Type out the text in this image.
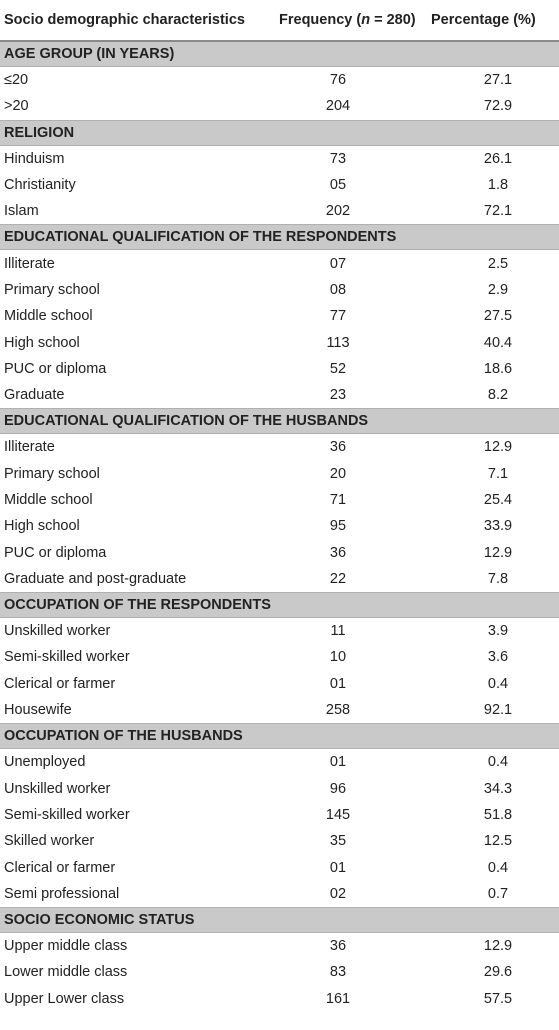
Socio demographic characteristics	Frequency (n = 280)	Percentage (%)
AGE GROUP (IN YEARS)		
≤20	76	27.1
>20	204	72.9
RELIGION		
Hinduism	73	26.1
Christianity	05	1.8
Islam	202	72.1
EDUCATIONAL QUALIFICATION OF THE RESPONDENTS		
Illiterate	07	2.5
Primary school	08	2.9
Middle school	77	27.5
High school	113	40.4
PUC or diploma	52	18.6
Graduate	23	8.2
EDUCATIONAL QUALIFICATION OF THE HUSBANDS		
Illiterate	36	12.9
Primary school	20	7.1
Middle school	71	25.4
High school	95	33.9
PUC or diploma	36	12.9
Graduate and post-graduate	22	7.8
OCCUPATION OF THE RESPONDENTS		
Unskilled worker	11	3.9
Semi-skilled worker	10	3.6
Clerical or farmer	01	0.4
Housewife	258	92.1
OCCUPATION OF THE HUSBANDS		
Unemployed	01	0.4
Unskilled worker	96	34.3
Semi-skilled worker	145	51.8
Skilled worker	35	12.5
Clerical or farmer	01	0.4
Semi professional	02	0.7
SOCIO ECONOMIC STATUS		
Upper middle class	36	12.9
Lower middle class	83	29.6
Upper Lower class	161	57.5
